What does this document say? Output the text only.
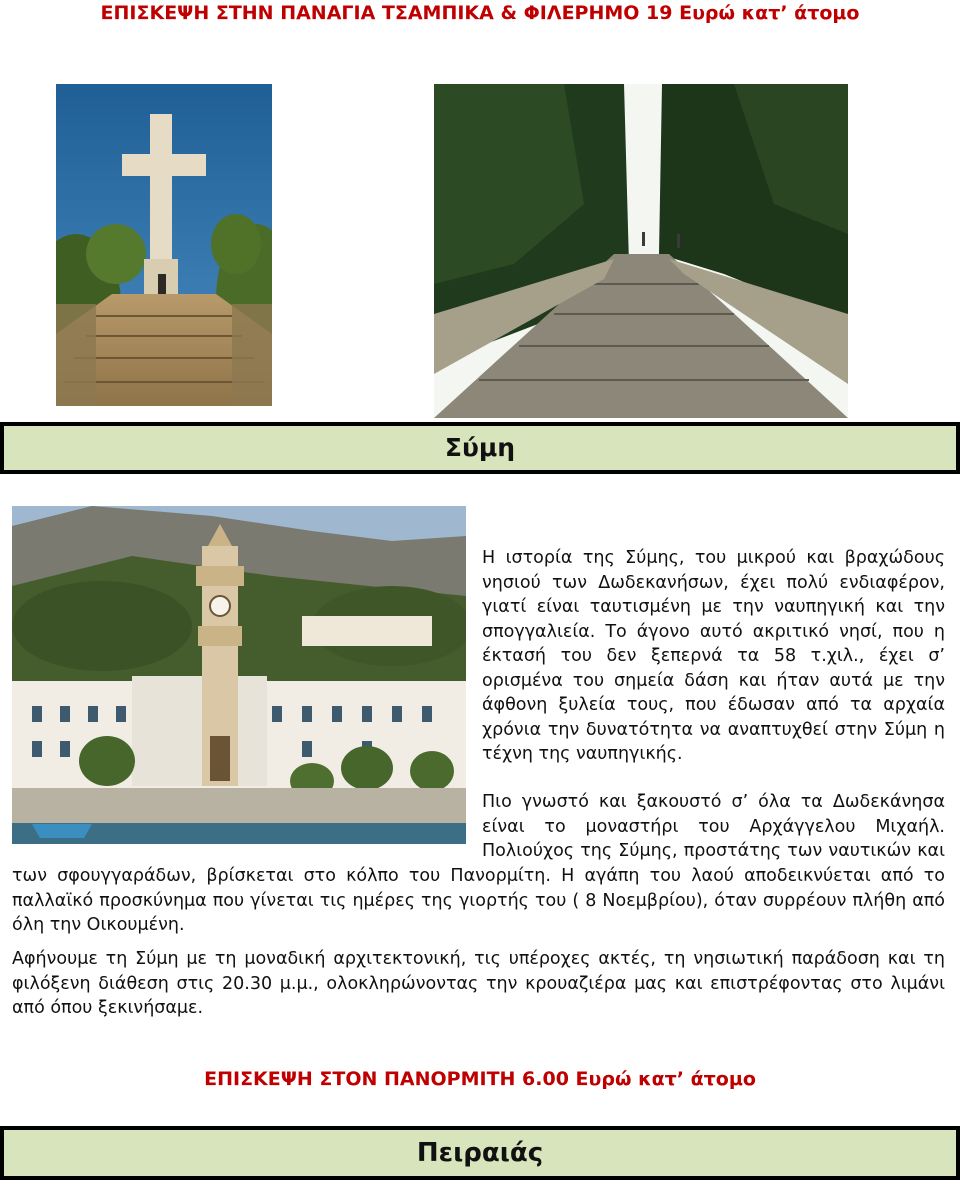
ΕΠΙΣΚΕΨΗ ΣΤΗΝ ΠΑΝΑΓΙΑ ΤΣΑΜΠΙΚΑ & ΦΙΛΕΡΗΜΟ 19 Ευρώ κατ’ άτομο

Σύμη
Η ιστορία της Σύμης, του μικρού και βραχώδους
νησιού των Δωδεκανήσων, έχει πολύ ενδιαφέρον,
γιατί είναι ταυτισμένη με την ναυπηγική και την
σπογγαλιεία. Το άγονο αυτό ακριτικό νησί, που η
έκτασή του δεν ξεπερνά τα 58 τ.χιλ., έχει σ’
ορισμένα του σημεία δάση και ήταν αυτά με την
άφθονη ξυλεία τους, που έδωσαν από τα αρχαία
χρόνια την δυνατότητα να αναπτυχθεί στην Σύμη η
τέχνη της ναυπηγικής.
Πιο γνωστό και ξακουστό σ’ όλα τα Δωδεκάνησα
είναι το μοναστήρι του Αρχάγγελου Μιχαήλ.
Πολιούχος της Σύμης, προστάτης των ναυτικών και

των σφουγγαράδων, βρίσκεται στο κόλπο του Πανορμίτη. Η αγάπη του λαού αποδεικνύεται από το παλλαϊκό προσκύνημα που γίνεται τις ημέρες της γιορτής του ( 8 Νοεμβρίου), όταν συρρέουν πλήθη από όλη την Οικουμένη.

Αφήνουμε τη Σύμη με τη μοναδική αρχιτεκτονική, τις υπέροχες ακτές, τη νησιωτική παράδοση και τη φιλόξενη διάθεση στις 20.30 μ.μ., ολοκληρώνοντας την κρουαζιέρα μας και επιστρέφοντας στο λιμάνι από όπου ξεκινήσαμε.

ΕΠΙΣΚΕΨΗ ΣΤΟΝ ΠΑΝΟΡΜΙΤΗ 6.00 Ευρώ κατ’ άτομο

Πειραιάς
